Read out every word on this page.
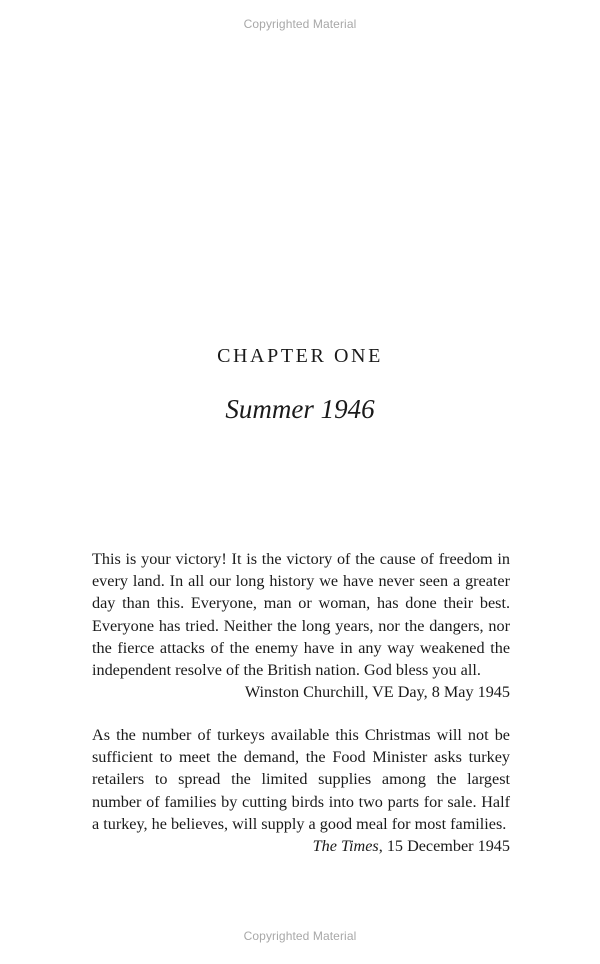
Copyrighted Material
CHAPTER ONE
Summer 1946

This is your victory! It is the victory of the cause of freedom in every land. In all our long history we have never seen a greater day than this. Everyone, man or woman, has done their best. Everyone has tried. Neither the long years, nor the dangers, nor the fierce attacks of the enemy have in any way weakened the independent resolve of the British nation. God bless you all.

Winston Churchill, VE Day, 8 May 1945

As the number of turkeys available this Christmas will not be sufficient to meet the demand, the Food Minister asks turkey retailers to spread the limited supplies among the largest number of families by cutting birds into two parts for sale. Half a turkey, he believes, will supply a good meal for most families.

The Times, 15 December 1945

Copyrighted Material
